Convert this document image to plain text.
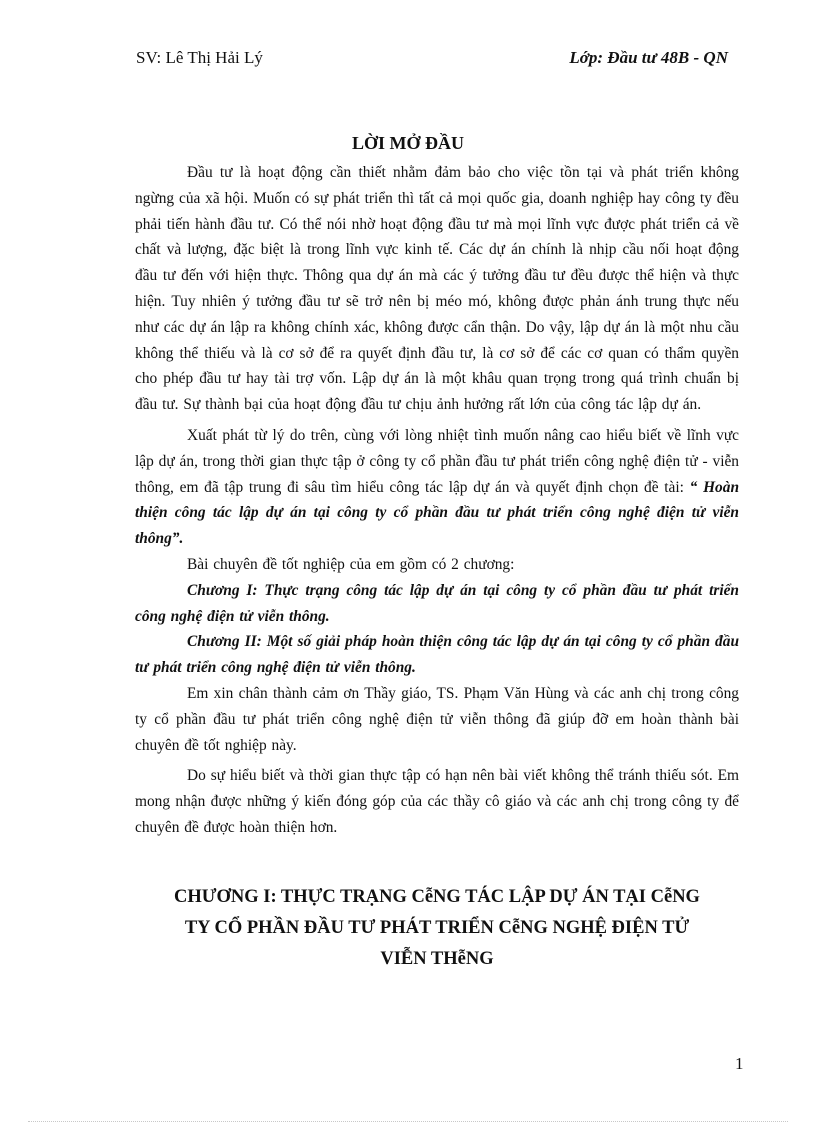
SV: Lê Thị Hải Lý	Lớp: Đầu tư 48B - QN
LỜI MỞ ĐẦU

Đầu tư là hoạt động cần thiết nhằm đảm bảo cho việc tồn tại và phát triển không ngừng của xã hội. Muốn có sự phát triển thì tất cả mọi quốc gia, doanh nghiệp hay công ty đều phải tiến hành đầu tư. Có thể nói nhờ hoạt động đầu tư mà mọi lĩnh vực được phát triển cả về chất và lượng, đặc biệt là trong lĩnh vực kinh tế. Các dự án chính là nhịp cầu nối hoạt động đầu tư đến với hiện thực. Thông qua dự án mà các ý tưởng đầu tư đều được thể hiện và thực hiện. Tuy nhiên ý tưởng đầu tư sẽ trở nên bị méo mó, không được phản ánh trung thực nếu như các dự án lập ra không chính xác, không được cẩn thận. Do vậy, lập dự án là một nhu cầu không thể thiếu và là cơ sở để ra quyết định đầu tư, là cơ sở để các cơ quan có thẩm quyền cho phép đầu tư hay tài trợ vốn. Lập dự án là một khâu quan trọng trong quá trình chuẩn bị đầu tư. Sự thành bại của hoạt động đầu tư chịu ảnh hưởng rất lớn của công tác lập dự án.

Xuất phát từ lý do trên, cùng với lòng nhiệt tình muốn nâng cao hiểu biết về lĩnh vực lập dự án, trong thời gian thực tập ở công ty cổ phần đầu tư phát triển công nghệ điện tử - viễn thông, em đã tập trung đi sâu tìm hiểu công tác lập dự án và quyết định chọn đề tài: “ Hoàn thiện công tác lập dự án tại công ty cổ phần đầu tư phát triển công nghệ điện tử viễn thông”.

Bài chuyên đề tốt nghiệp của em gồm có 2 chương:

Chương I: Thực trạng công tác lập dự án tại công ty cổ phần đầu tư phát triển công nghệ điện tử viễn thông.

Chương II: Một số giải pháp hoàn thiện công tác lập dự án tại công ty cổ phần đầu tư phát triển công nghệ điện tử viễn thông.

Em xin chân thành cảm ơn Thầy giáo, TS. Phạm Văn Hùng và các anh chị trong công ty cổ phần đầu tư phát triển công nghệ điện tử viễn thông đã giúp đỡ em hoàn thành bài chuyên đề tốt nghiệp này.

Do sự hiểu biết và thời gian thực tập có hạn nên bài viết không thể tránh thiếu sót. Em mong nhận được những ý kiến đóng góp của các thầy cô giáo và các anh chị trong công ty để chuyên đề được hoàn thiện hơn.

CHƯƠNG I: THỰC TRẠNG CễNG TÁC LẬP DỰ ÁN TẠI CễNG
TY CỔ PHẦN ĐẦU TƯ PHÁT TRIỂN CễNG NGHỆ ĐIỆN TỬ
VIỄN THễNG
1
